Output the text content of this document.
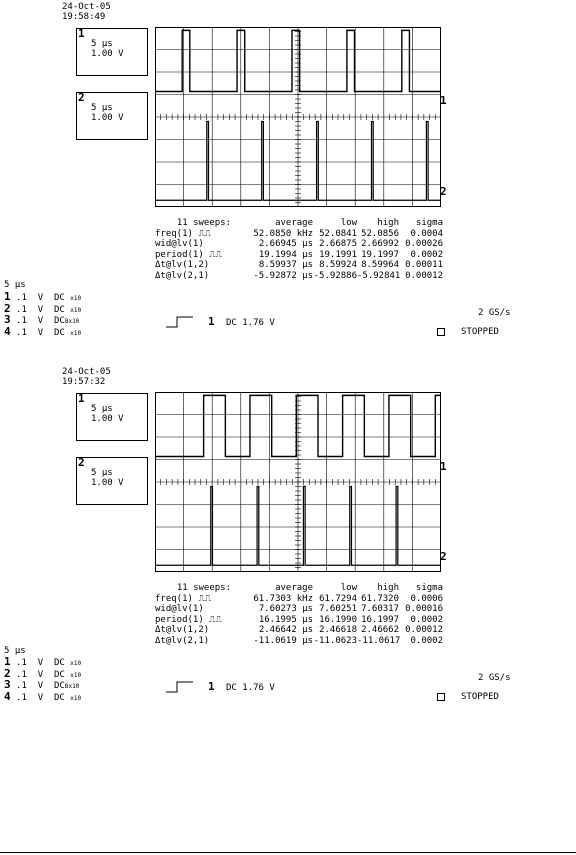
24-Oct-05
19:58:49
1
5 µs
1.00 V
2
5 µs
1.00 V
1
2
11 sweeps:	average	low	high	sigma
freq(1) ⎍⎍	52.0850 kHz 52.0841 52.0856	0.0004
wid@lv(1)	2.66945 µs 2.66875 2.66992 0.00026
period(1) ⎍⎍	19.1994 µs 19.1991 19.1997	0.0002
Δt@lv(1,2)	8.59937 µs 8.59924 8.59964 0.00011
Δt@lv(2,1)	-5.92872 µs -5.92886 -5.92841 0.00012
5 µs
1 .1 V DC x10
2 .1 V DC x10
3 .1 V DCBx10
4 .1 V DC x10
1 DC 1.76 V
2 GS/s
STOPPED
24-Oct-05
19:57:32
1
5 µs
1.00 V
2
5 µs
1.00 V
1
2
11 sweeps:	average	low	high	sigma
freq(1) ⎍⎍	61.7303 kHz 61.7294 61.7320	0.0006
wid@lv(1)	7.60273 µs 7.60251 7.60317 0.00016
period(1) ⎍⎍	16.1995 µs 16.1990 16.1997	0.0002
Δt@lv(1,2)	2.46642 µs 2.46618 2.46662 0.00012
Δt@lv(2,1)	-11.0619 µs -11.0623 -11.0617	0.0002
5 µs
1 .1 V DC x10
2 .1 V DC x10
3 .1 V DCBx10
4 .1 V DC x10
1 DC 1.76 V
2 GS/s
STOPPED
